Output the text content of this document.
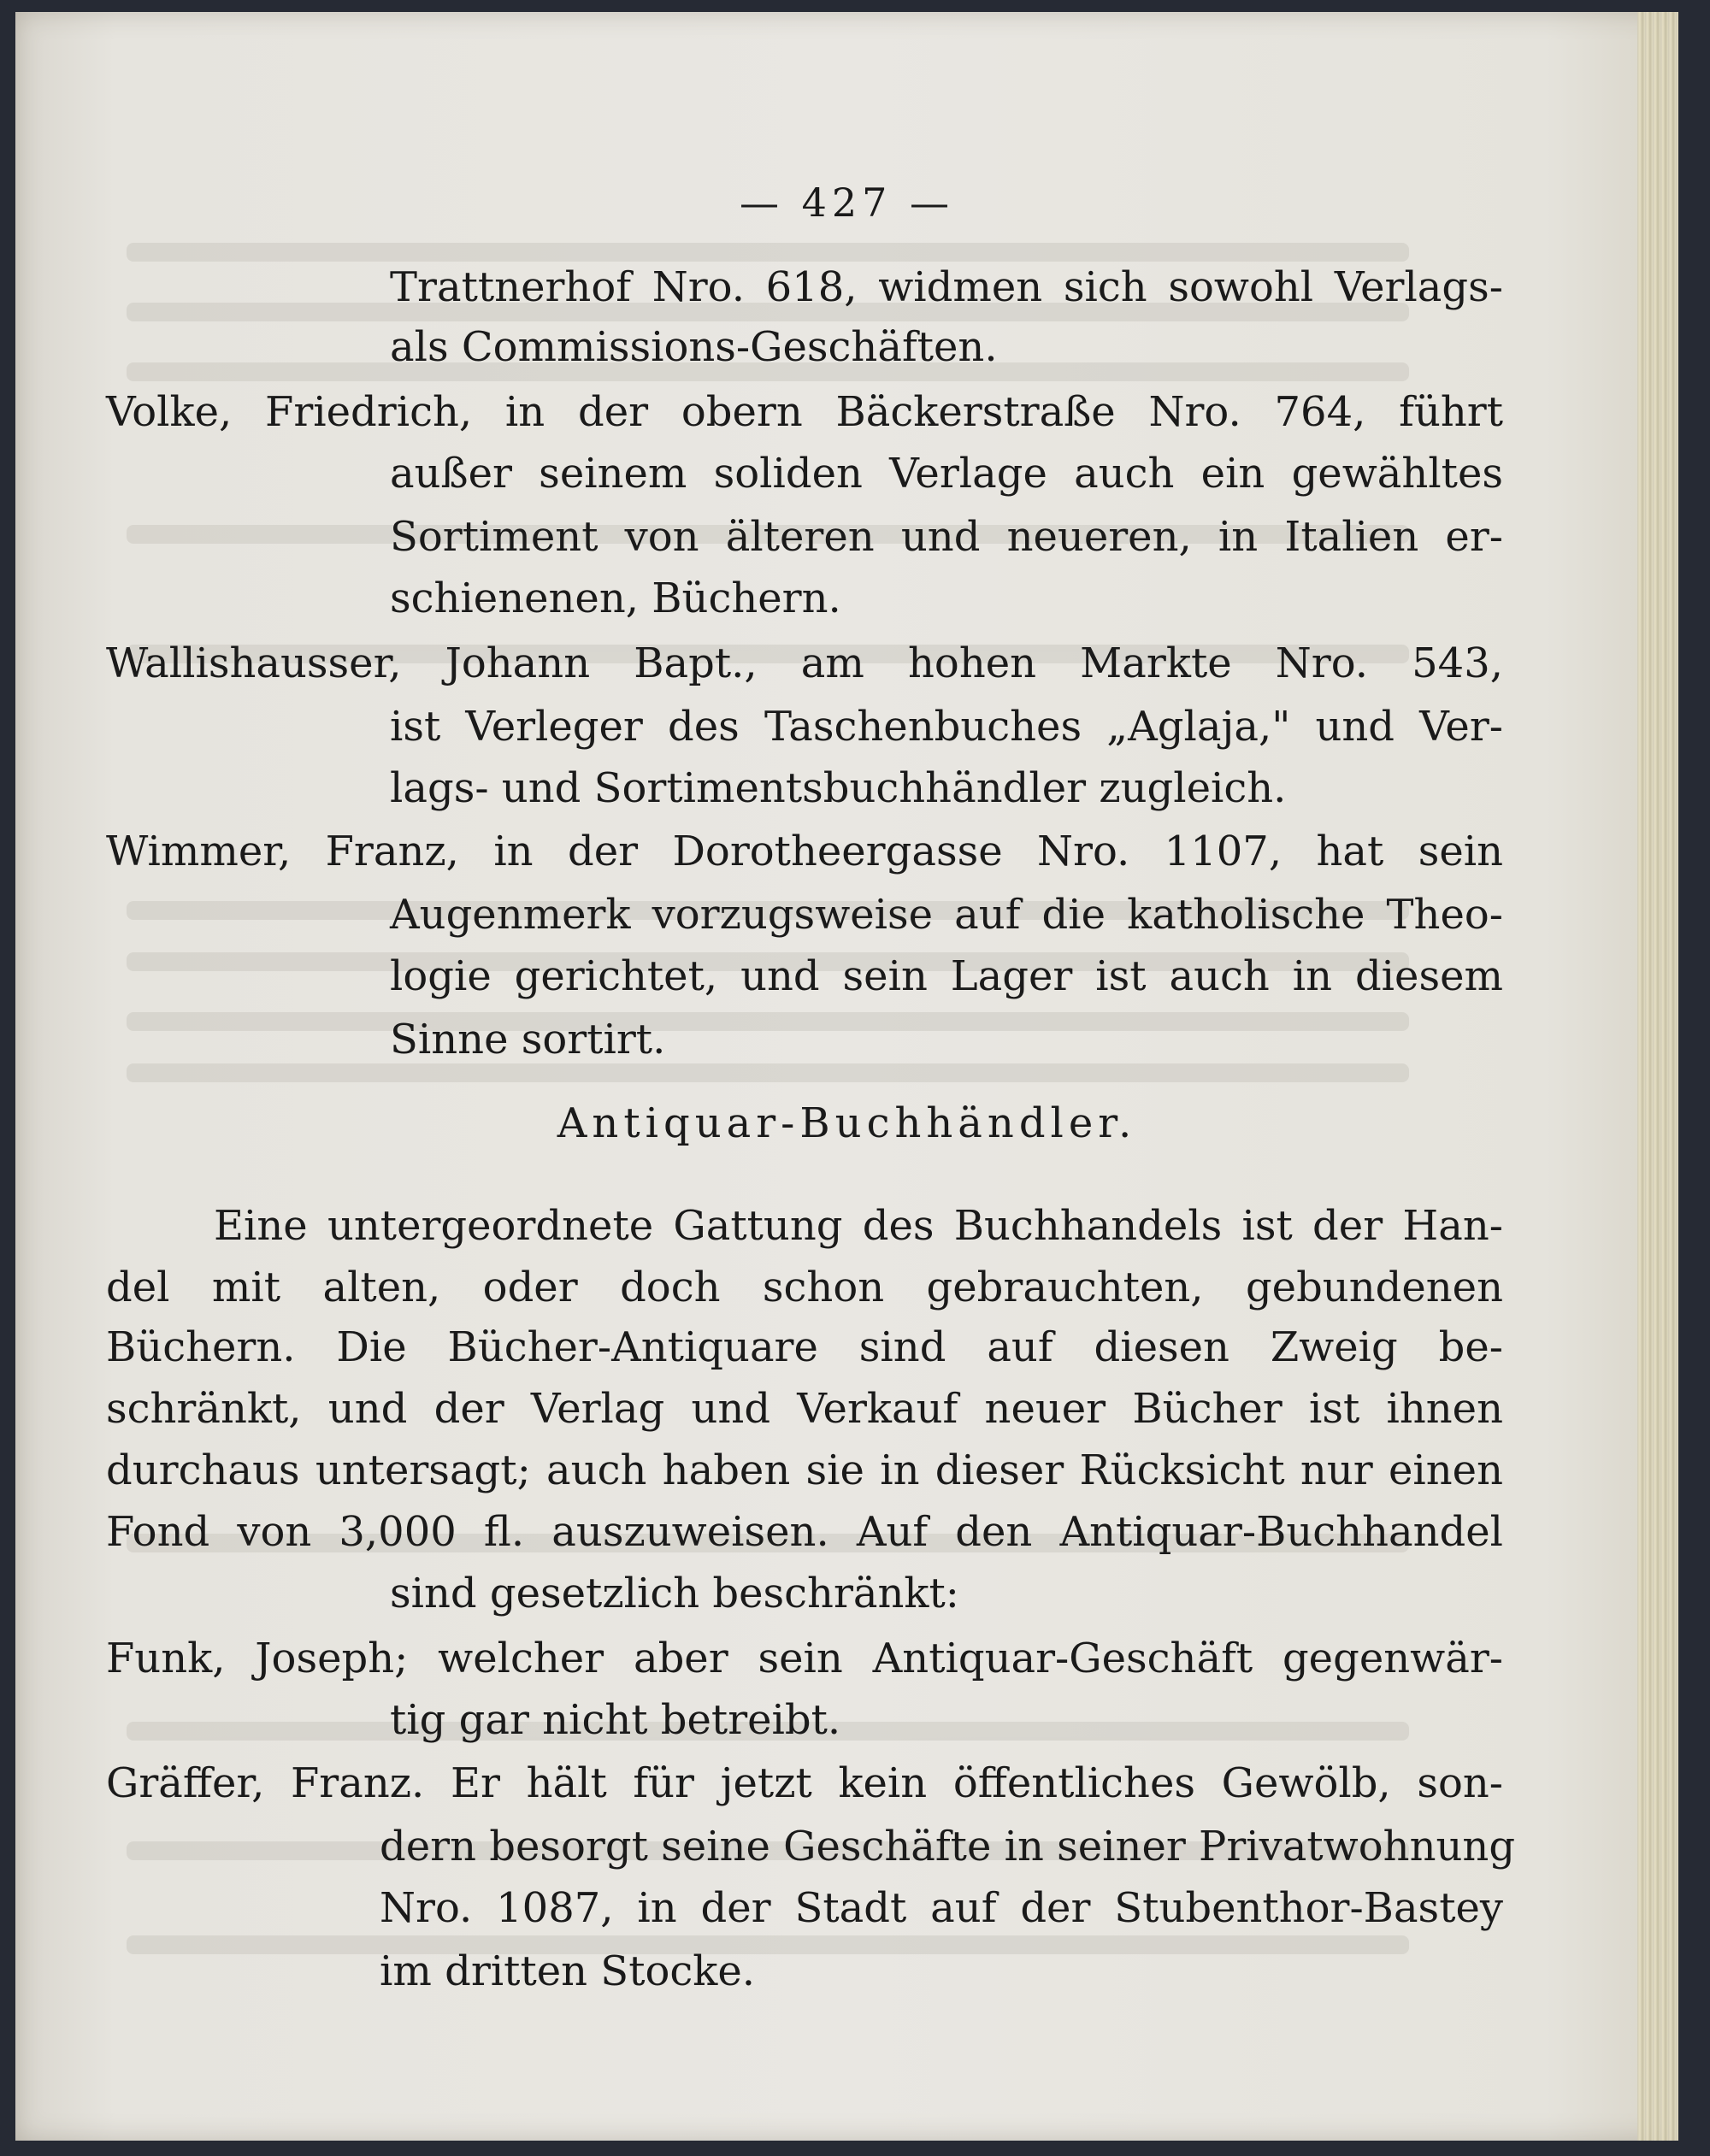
— 427 —
Trattnerhof Nro. 618, widmen sich sowohl Verlags-
als Commissions-Geschäften.
Volke, Friedrich, in der obern Bäckerstraße Nro. 764, führt
außer seinem soliden Verlage auch ein gewähltes
Sortiment von älteren und neueren, in Italien er-
schienenen, Büchern.
Wallishausser, Johann Bapt., am hohen Markte Nro. 543,
ist Verleger des Taschenbuches „Aglaja," und Ver-
lags- und Sortimentsbuchhändler zugleich.
Wimmer, Franz, in der Dorotheergasse Nro. 1107, hat sein
Augenmerk vorzugsweise auf die katholische Theo-
logie gerichtet, und sein Lager ist auch in diesem
Sinne sortirt.
Antiquar-Buchhändler.
Eine untergeordnete Gattung des Buchhandels ist der Han-
del mit alten, oder doch schon gebrauchten, gebundenen
Büchern. Die Bücher-Antiquare sind auf diesen Zweig be-
schränkt, und der Verlag und Verkauf neuer Bücher ist ihnen
durchaus untersagt; auch haben sie in dieser Rücksicht nur einen
Fond von 3,000 fl. auszuweisen. Auf den Antiquar-Buchhandel
sind gesetzlich beschränkt:
Funk, Joseph; welcher aber sein Antiquar-Geschäft gegenwär-
tig gar nicht betreibt.
Gräffer, Franz. Er hält für jetzt kein öffentliches Gewölb, son-
dern besorgt seine Geschäfte in seiner Privatwohnung
Nro. 1087, in der Stadt auf der Stubenthor-Bastey
im dritten Stocke.
